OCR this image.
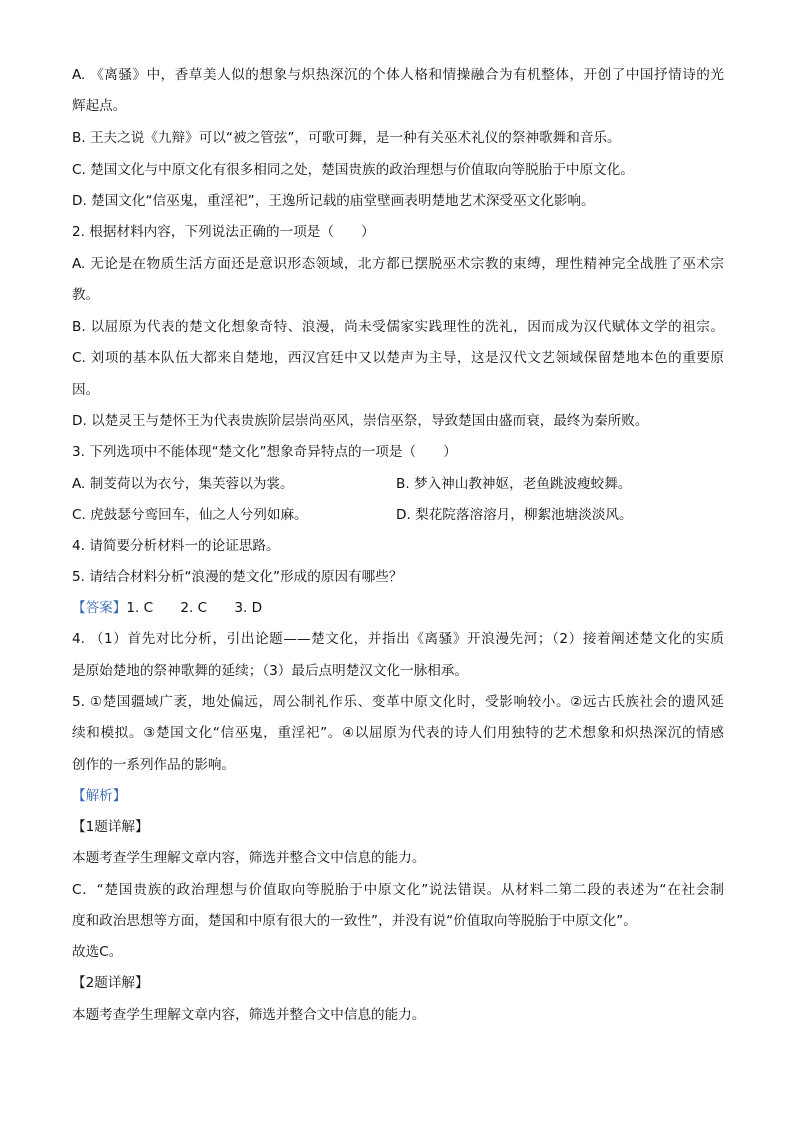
A. 《离骚》中，香草美人似的想象与炽热深沉的个体人格和情操融合为有机整体，开创了中国抒情诗的光
辉起点。
B. 王夫之说《九辩》可以“被之管弦”，可歌可舞，是一种有关巫术礼仪的祭神歌舞和音乐。
C. 楚国文化与中原文化有很多相同之处，楚国贵族的政治理想与价值取向等脱胎于中原文化。
D. 楚国文化“信巫鬼，重淫祀”，王逸所记载的庙堂壁画表明楚地艺术深受巫文化影响。
2. 根据材料内容，下列说法正确的一项是（　　）
A. 无论是在物质生活方面还是意识形态领域，北方都已摆脱巫术宗教的束缚，理性精神完全战胜了巫术宗
教。
B. 以屈原为代表的楚文化想象奇特、浪漫，尚未受儒家实践理性的洗礼，因而成为汉代赋体文学的祖宗。
C. 刘项的基本队伍大都来自楚地，西汉宫廷中又以楚声为主导，这是汉代文艺领域保留楚地本色的重要原
因。
D. 以楚灵王与楚怀王为代表贵族阶层崇尚巫风，崇信巫祭，导致楚国由盛而衰，最终为秦所败。
3. 下列选项中不能体现“楚文化”想象奇异特点的一项是（　　）
A. 制芰荷以为衣兮，集芙蓉以为裳。	B. 梦入神山教神妪，老鱼跳波瘦蛟舞。
C. 虎鼓瑟兮鸾回车，仙之人兮列如麻。	D. 梨花院落溶溶月，柳絮池塘淡淡风。
4. 请简要分析材料一的论证思路。
5. 请结合材料分析“浪漫的楚文化”形成的原因有哪些？
【答案】1. C　　2. C　　3. D
4. （1）首先对比分析，引出论题——楚文化，并指出《离骚》开浪漫先河；（2）接着阐述楚文化的实质
是原始楚地的祭神歌舞的延续；（3）最后点明楚汉文化一脉相承。
5. ①楚国疆域广袤，地处偏远，周公制礼作乐、变革中原文化时，受影响较小。②远古氏族社会的遗风延
续和模拟。③楚国文化“信巫鬼，重淫祀”。④以屈原为代表的诗人们用独特的艺术想象和炽热深沉的情感
创作的一系列作品的影响。
【解析】
【1题详解】
本题考查学生理解文章内容，筛选并整合文中信息的能力。
C．“楚国贵族的政治理想与价值取向等脱胎于中原文化”说法错误。从材料二第二段的表述为“在社会制
度和政治思想等方面，楚国和中原有很大的一致性”，并没有说“价值取向等脱胎于中原文化”。
故选C。
【2题详解】
本题考查学生理解文章内容，筛选并整合文中信息的能力。
